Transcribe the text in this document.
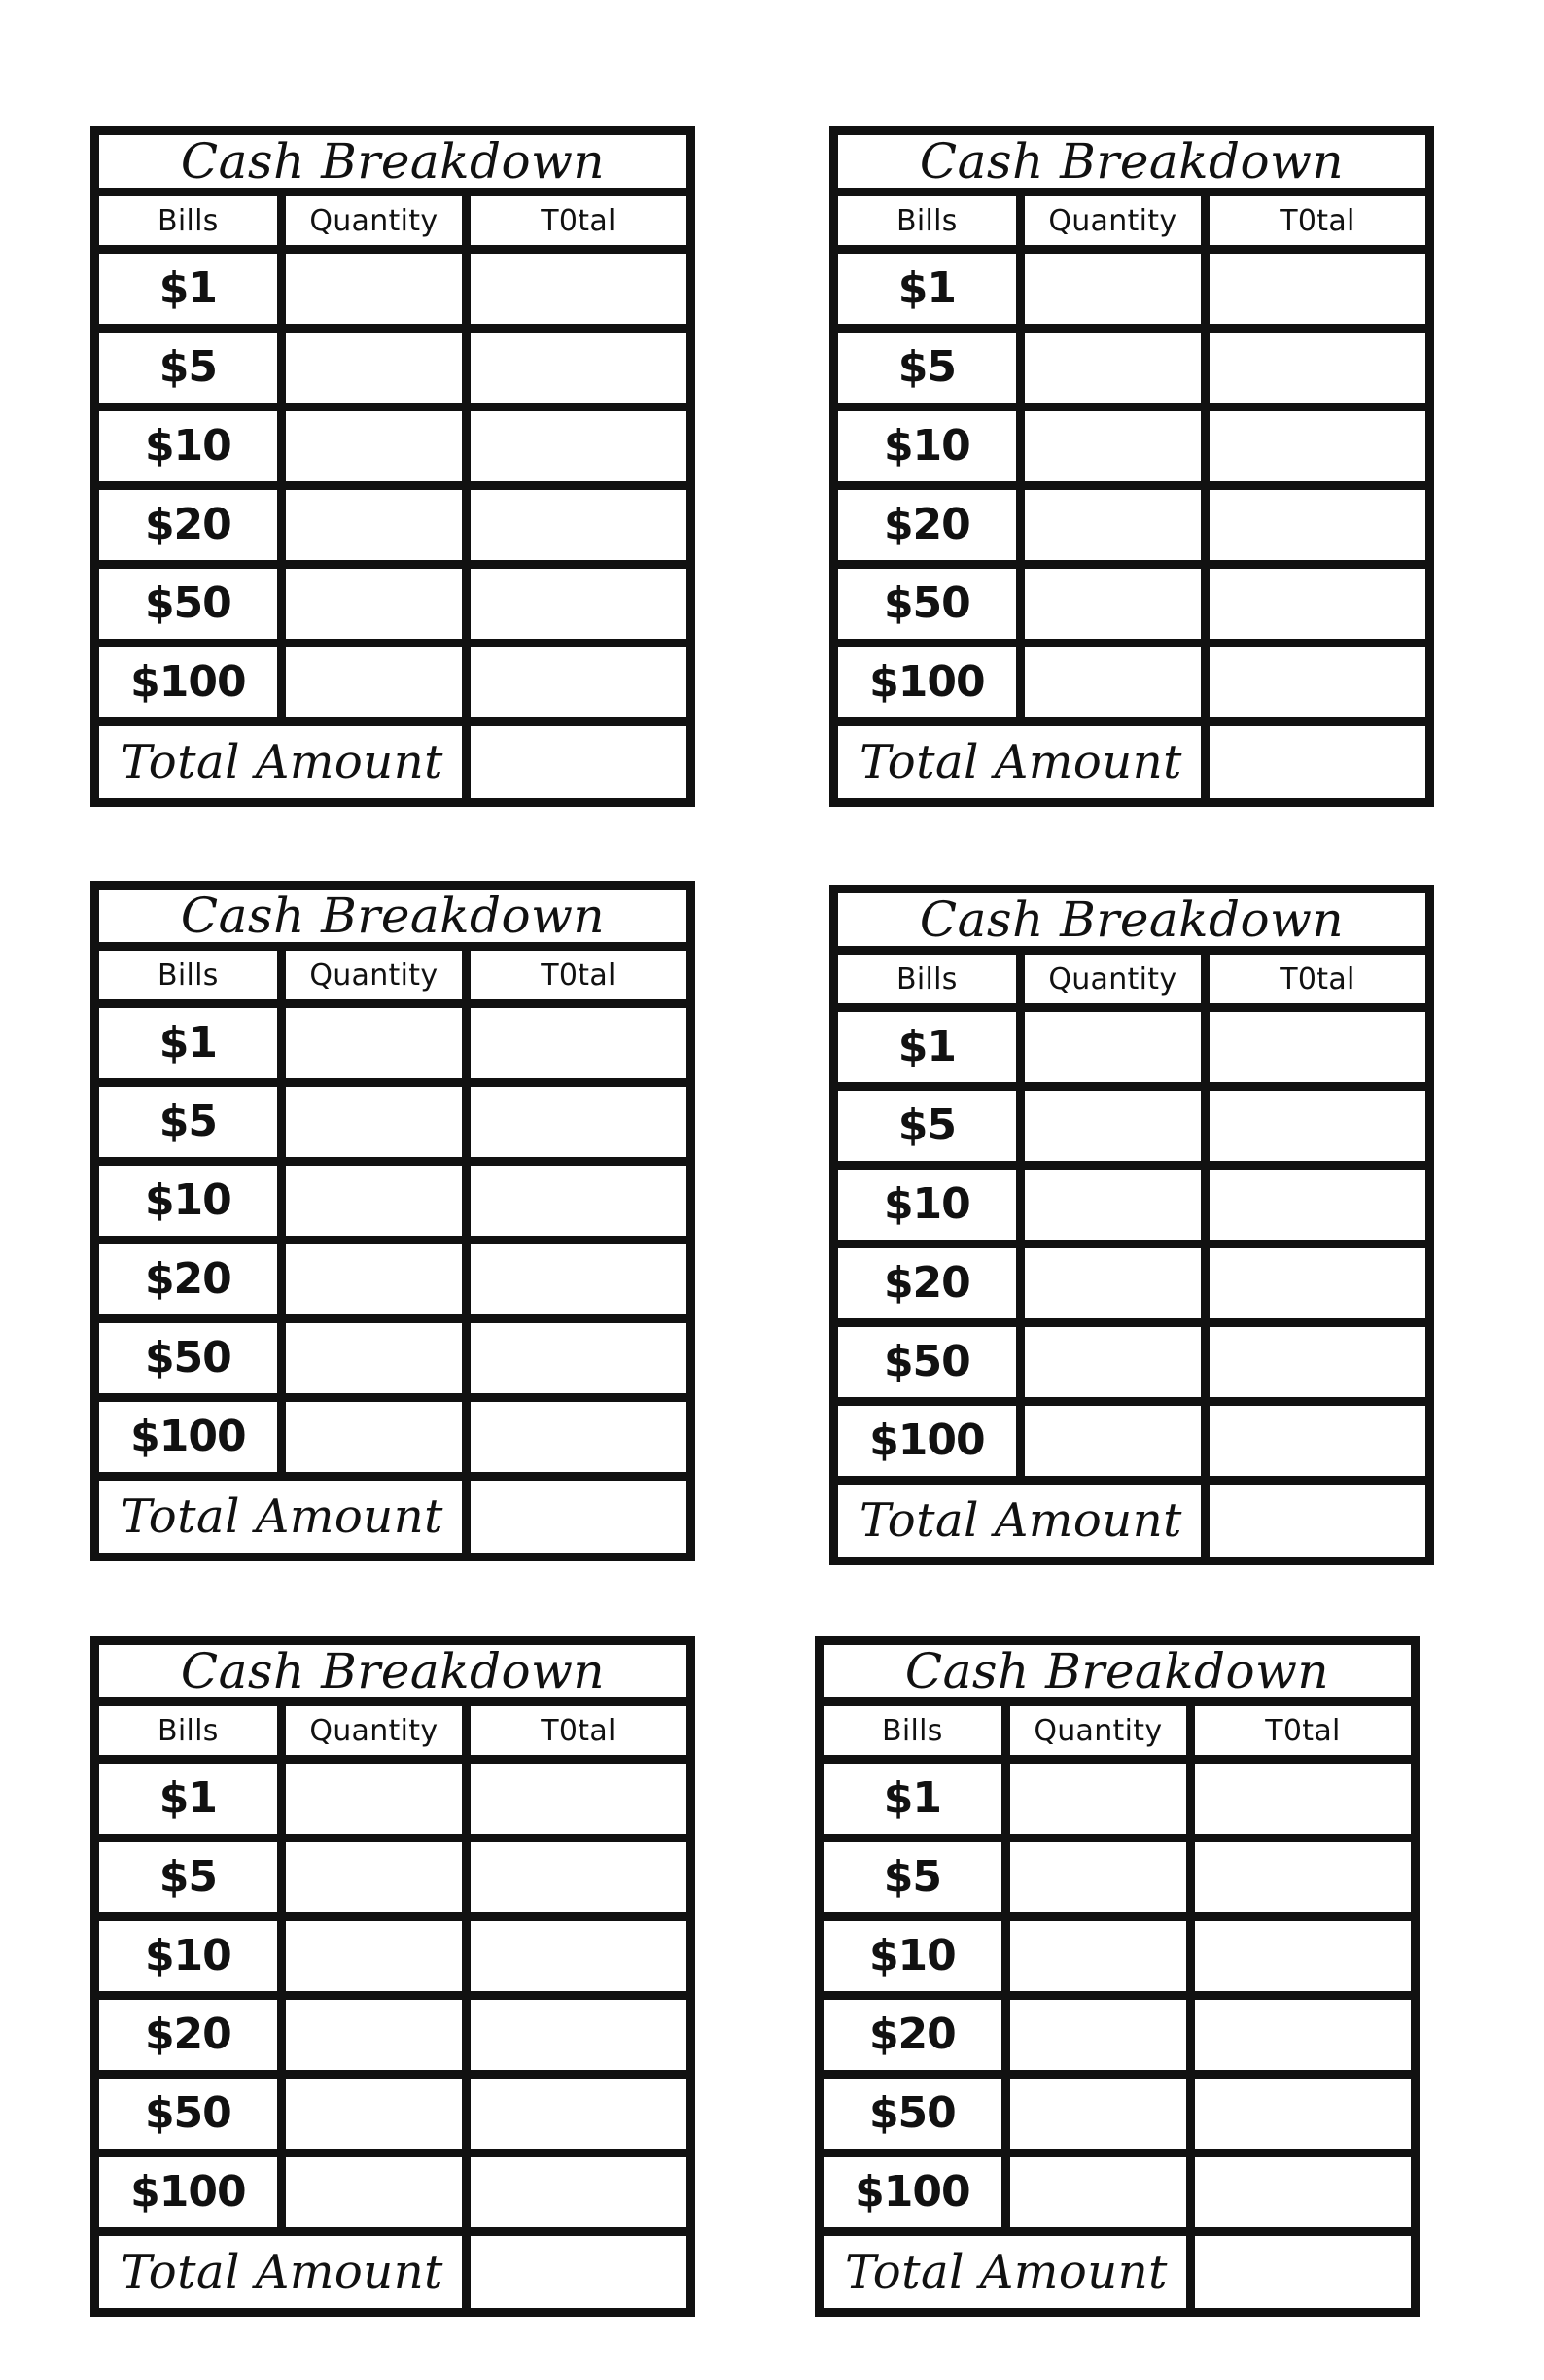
Cash Breakdown		
Bills	Quantity	T0tal
$1		
$5		
$10		
$20		
$50		
$100		
Total Amount		
Cash Breakdown		
Bills	Quantity	T0tal
$1		
$5		
$10		
$20		
$50		
$100		
Total Amount		
Cash Breakdown		
Bills	Quantity	T0tal
$1		
$5		
$10		
$20		
$50		
$100		
Total Amount		
Cash Breakdown		
Bills	Quantity	T0tal
$1		
$5		
$10		
$20		
$50		
$100		
Total Amount		
Cash Breakdown		
Bills	Quantity	T0tal
$1		
$5		
$10		
$20		
$50		
$100		
Total Amount		
Cash Breakdown		
Bills	Quantity	T0tal
$1		
$5		
$10		
$20		
$50		
$100		
Total Amount		
